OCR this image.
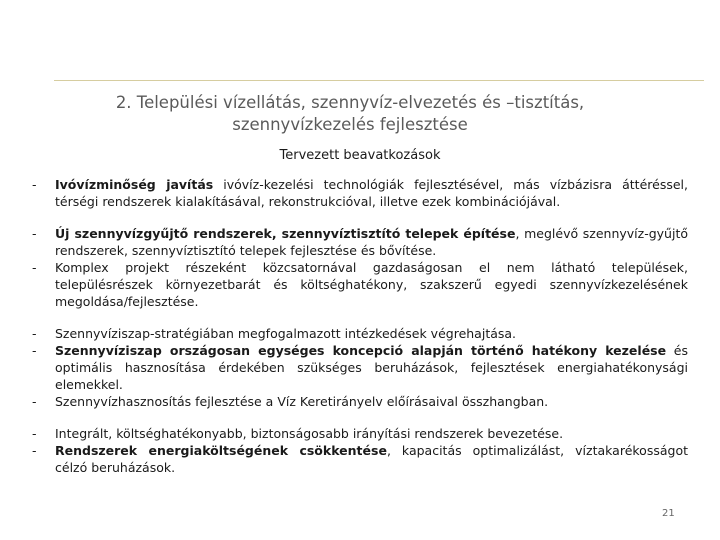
2. Települési vízellátás, szennyvíz-elvezetés és –tisztítás,
szennyvízkezelés fejlesztése
Tervezett beavatkozások
-	Ivóvízminőség javítás ivóvíz-kezelési technológiák fejlesztésével, más vízbázisra áttéréssel, térségi rendszerek kialakításával, rekonstrukcióval, illetve ezek kombinációjával.
-	Új szennyvízgyűjtő rendszerek, szennyvíztisztító telepek építése, meglévő szennyvíz-gyűjtő rendszerek, szennyvíztisztító telepek fejlesztése és bővítése.
-	Komplex projekt részeként közcsatornával gazdaságosan el nem látható települések, településrészek környezetbarát és költséghatékony, szakszerű egyedi szennyvízkezelésének megoldása/fejlesztése.
-	Szennyvíziszap-stratégiában megfogalmazott intézkedések végrehajtása.
-	Szennyvíziszap országosan egységes koncepció alapján történő hatékony kezelése és optimális hasznosítása érdekében szükséges beruházások, fejlesztések energiahatékonysági elemekkel.
-	Szennyvízhasznosítás fejlesztése a Víz Keretirányelv előírásaival összhangban.
-	Integrált, költséghatékonyabb, biztonságosabb irányítási rendszerek bevezetése.
-	Rendszerek energiaköltségének csökkentése, kapacitás optimalizálást, víztakarékosságot célzó beruházások.
21
